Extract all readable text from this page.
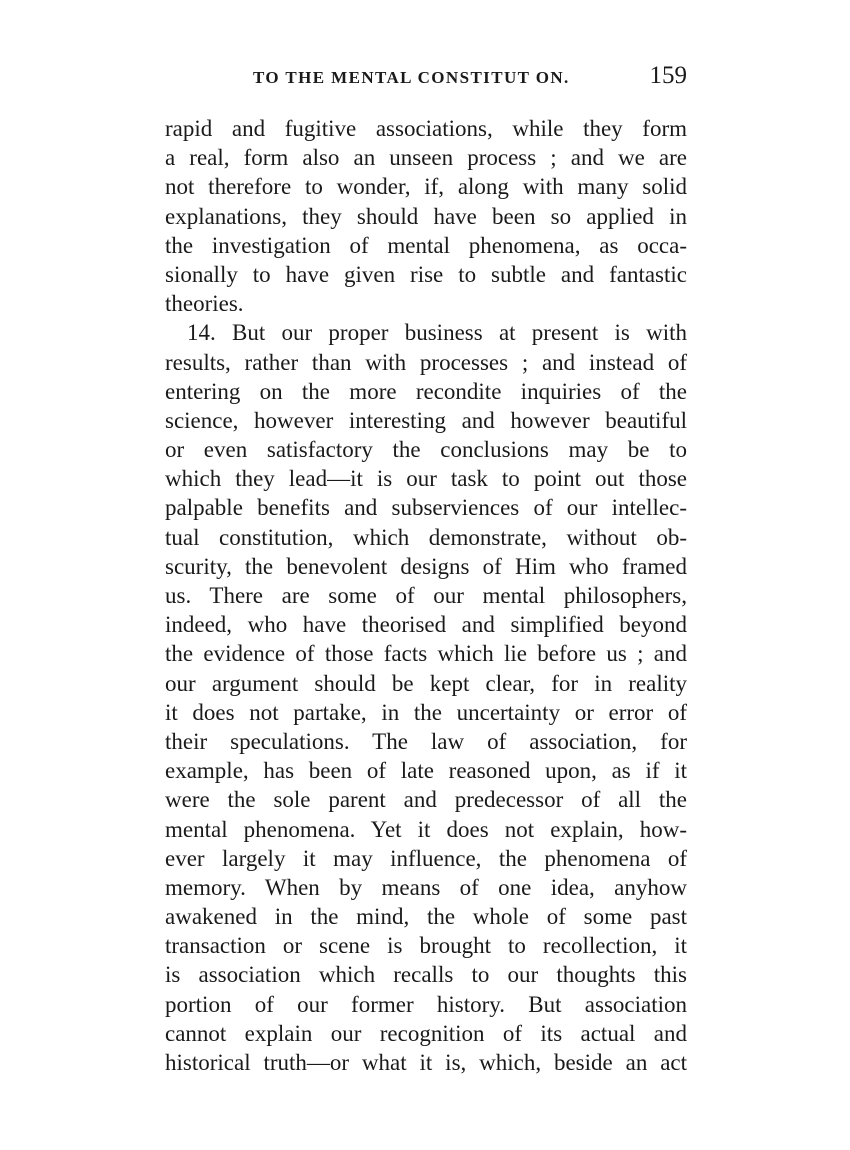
TO THE MENTAL CONSTITUT ON.	159
rapid and fugitive associations, while they form
a real, form also an unseen process ; and we are
not therefore to wonder, if, along with many solid
explanations, they should have been so applied in
the investigation of mental phenomena, as occa-
sionally to have given rise to subtle and fantastic
theories.
14. But our proper business at present is with
results, rather than with processes ; and instead of
entering on the more recondite inquiries of the
science, however interesting and however beautiful
or even satisfactory the conclusions may be to
which they lead—it is our task to point out those
palpable benefits and subserviences of our intellec-
tual constitution, which demonstrate, without ob-
scurity, the benevolent designs of Him who framed
us. There are some of our mental philosophers,
indeed, who have theorised and simplified beyond
the evidence of those facts which lie before us ; and
our argument should be kept clear, for in reality
it does not partake, in the uncertainty or error of
their speculations. The law of association, for
example, has been of late reasoned upon, as if it
were the sole parent and predecessor of all the
mental phenomena. Yet it does not explain, how-
ever largely it may influence, the phenomena of
memory. When by means of one idea, anyhow
awakened in the mind, the whole of some past
transaction or scene is brought to recollection, it
is association which recalls to our thoughts this
portion of our former history. But association
cannot explain our recognition of its actual and
historical truth—or what it is, which, beside an act
